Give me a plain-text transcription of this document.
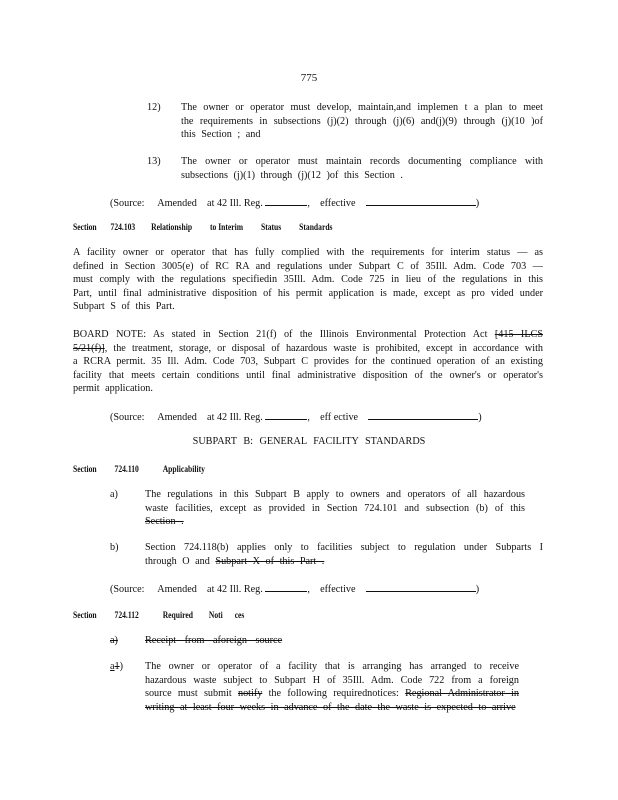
775
12) The owner or operator must develop, maintain,and implemen t a plan to meet the requirements in subsections (j)(2) through (j)(6) and(j)(9) through (j)(10 )of this Section ; and
13) The owner or operator must maintain records documenting compliance with subsections (j)(1) through (j)(12 )of this Section .
(Source: Amended at 42 Ill. Reg.	,    effective	)
Section 724.103 Relationship to Interim Status Standards
A facility owner or operator that has fully complied with the requirements for interim status — as defined in Section 3005(e) of RC RA and regulations under Subpart C of 35Ill. Adm. Code 703 — must comply with the regulations specifiedin 35Ill. Adm. Code 725 in lieu of the regulations in this Part, until final administrative disposition of his permit application is made, except as pro vided under Subpart S of this Part.
BOARD NOTE: As stated in Section 21(f) of the Illinois Environmental Protection Act [415 ILCS 5/21(f)], the treatment, storage, or disposal of hazardous waste is prohibited, except in accordance with a RCRA permit. 35 Ill. Adm. Code 703, Subpart C provides for the continued operation of an existing facility that meets certain conditions until final administrative disposition of the owner's or operator's permit application.
(Source: Amended at 42 Ill. Reg.	,    eff ective	)
SUBPART B: GENERAL FACILITY STANDARDS
Section 724.110	Applicability
a)	The regulations in this Subpart B apply to owners and operators of all hazardous waste facilities, except as provided in Section 724.101 and subsection (b) of this Section .
b)	Section 724.118(b) applies only to facilities subject to regulation under Subparts I through O and Subpart X of this Part .
(Source: Amended at 42 Ill. Reg.	,    effective	)
Section 724.112	Required Noti ces
a)	Receipt from aforeign source
a1) The owner or operator of a facility that is arranging has arranged to receive hazardous waste subject to Subpart H of 35Ill. Adm. Code 722 from a foreign source must submit notify the following requirednotices: Regional Administrator in writing at least four weeks in advance of the date the waste is expected to arrive
